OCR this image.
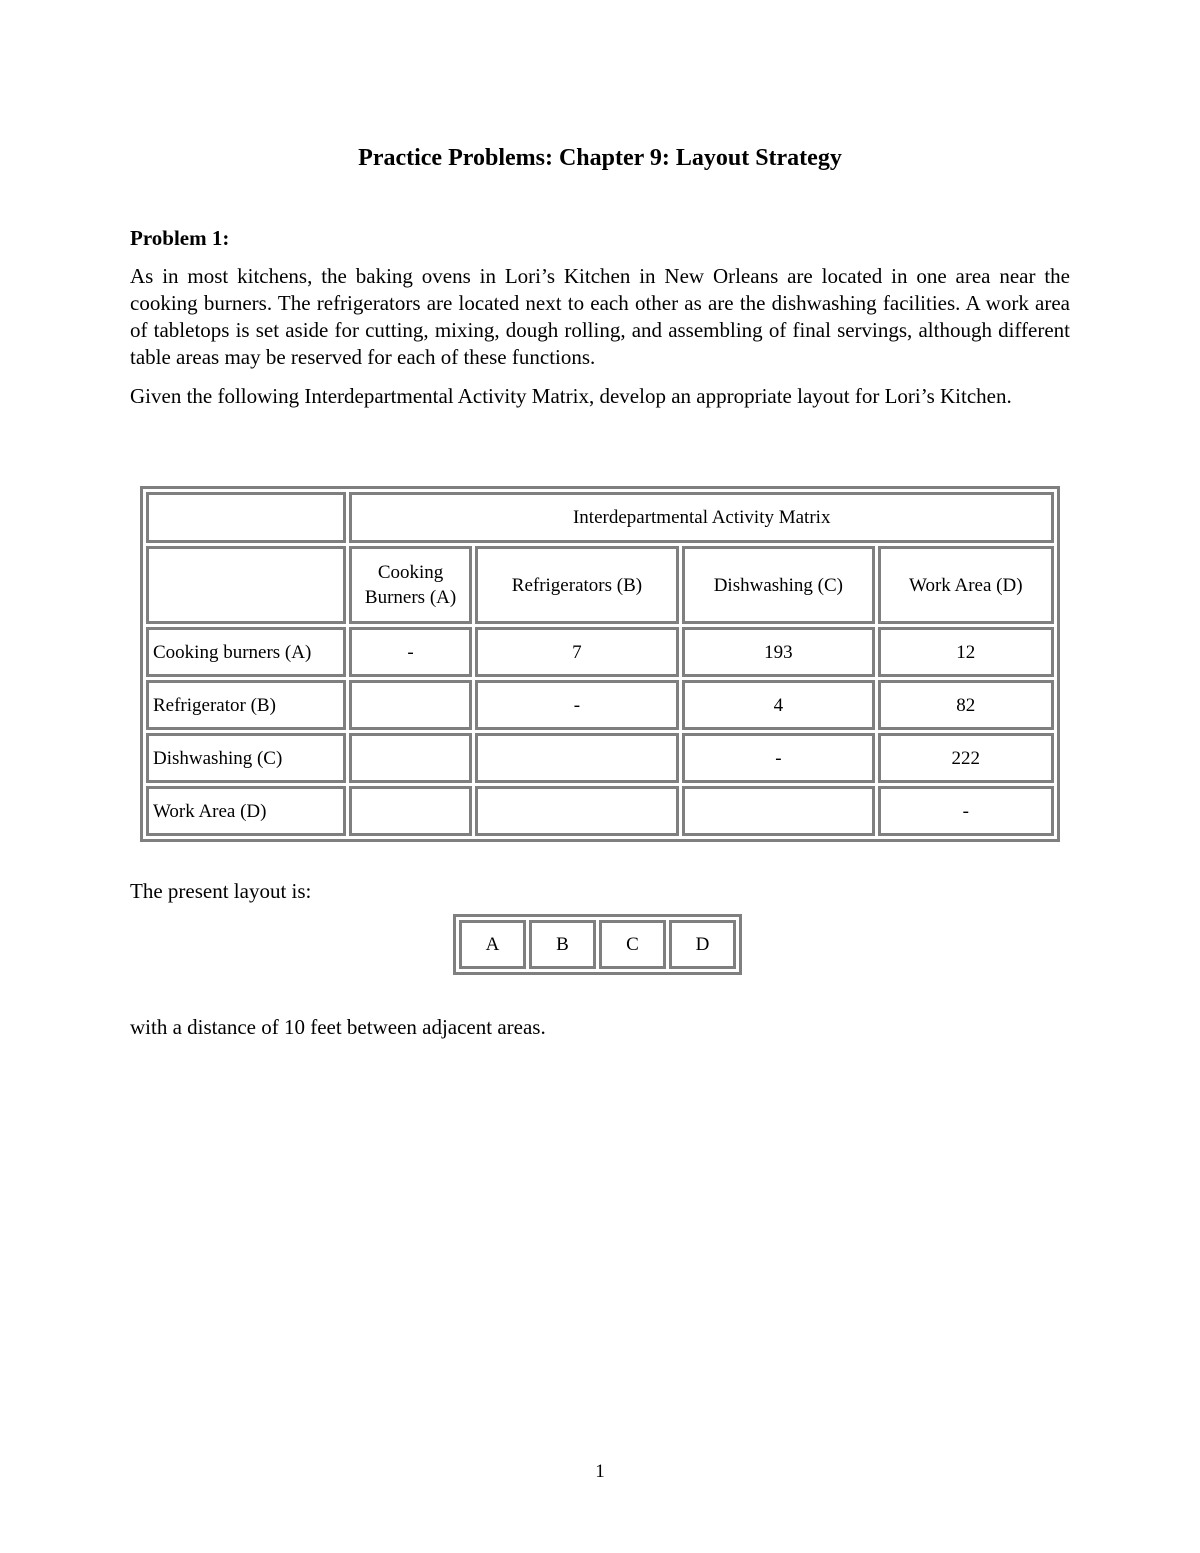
Practice Problems: Chapter 9: Layout Strategy
Problem 1:

As in most kitchens, the baking ovens in Lori’s Kitchen in New Orleans are located in one area near the cooking burners. The refrigerators are located next to each other as are the dishwashing facilities. A work area of tabletops is set aside for cutting, mixing, dough rolling, and assembling of final servings, although different table areas may be reserved for each of these functions.

Given the following Interdepartmental Activity Matrix, develop an appropriate layout for Lori’s Kitchen.

	Interdepartmental Activity Matrix			
	Cooking Burners (A)	Refrigerators (B)	Dishwashing (C)	Work Area (D)
Cooking burners (A)	-	7	193	12
Refrigerator (B)		-	4	82
Dishwashing (C)			-	222
Work Area (D)				-
The present layout is:
A	B	C	D
with a distance of 10 feet between adjacent areas.
1
